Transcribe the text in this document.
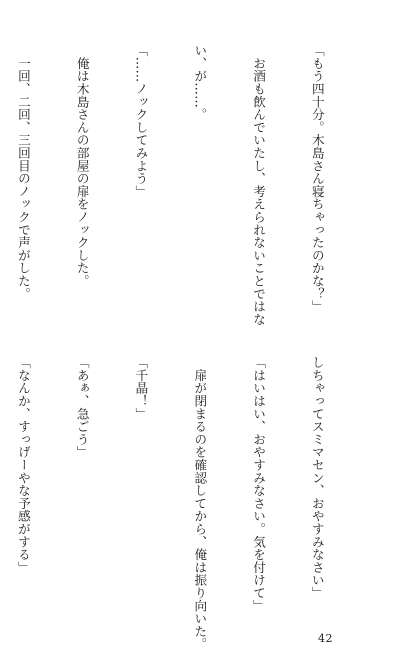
「もう四十分。木島さん寝ちゃったのかな？」

　お酒も飲んでいたし、考えられないことではな

い、が……。

「……ノックしてみよう」

　俺は木島さんの部屋の扉をノックした。

　一回、二回、三回目のノックで声がした。

しちゃってスミマセン、おやすみなさい」

「はいはい、おやすみなさい。気を付けて」

　扉が閉まるのを確認してから、俺は振り向いた。

「千晶！」

「あぁ、急ごう」

「なんか、すっげーやな予感がする」

42
